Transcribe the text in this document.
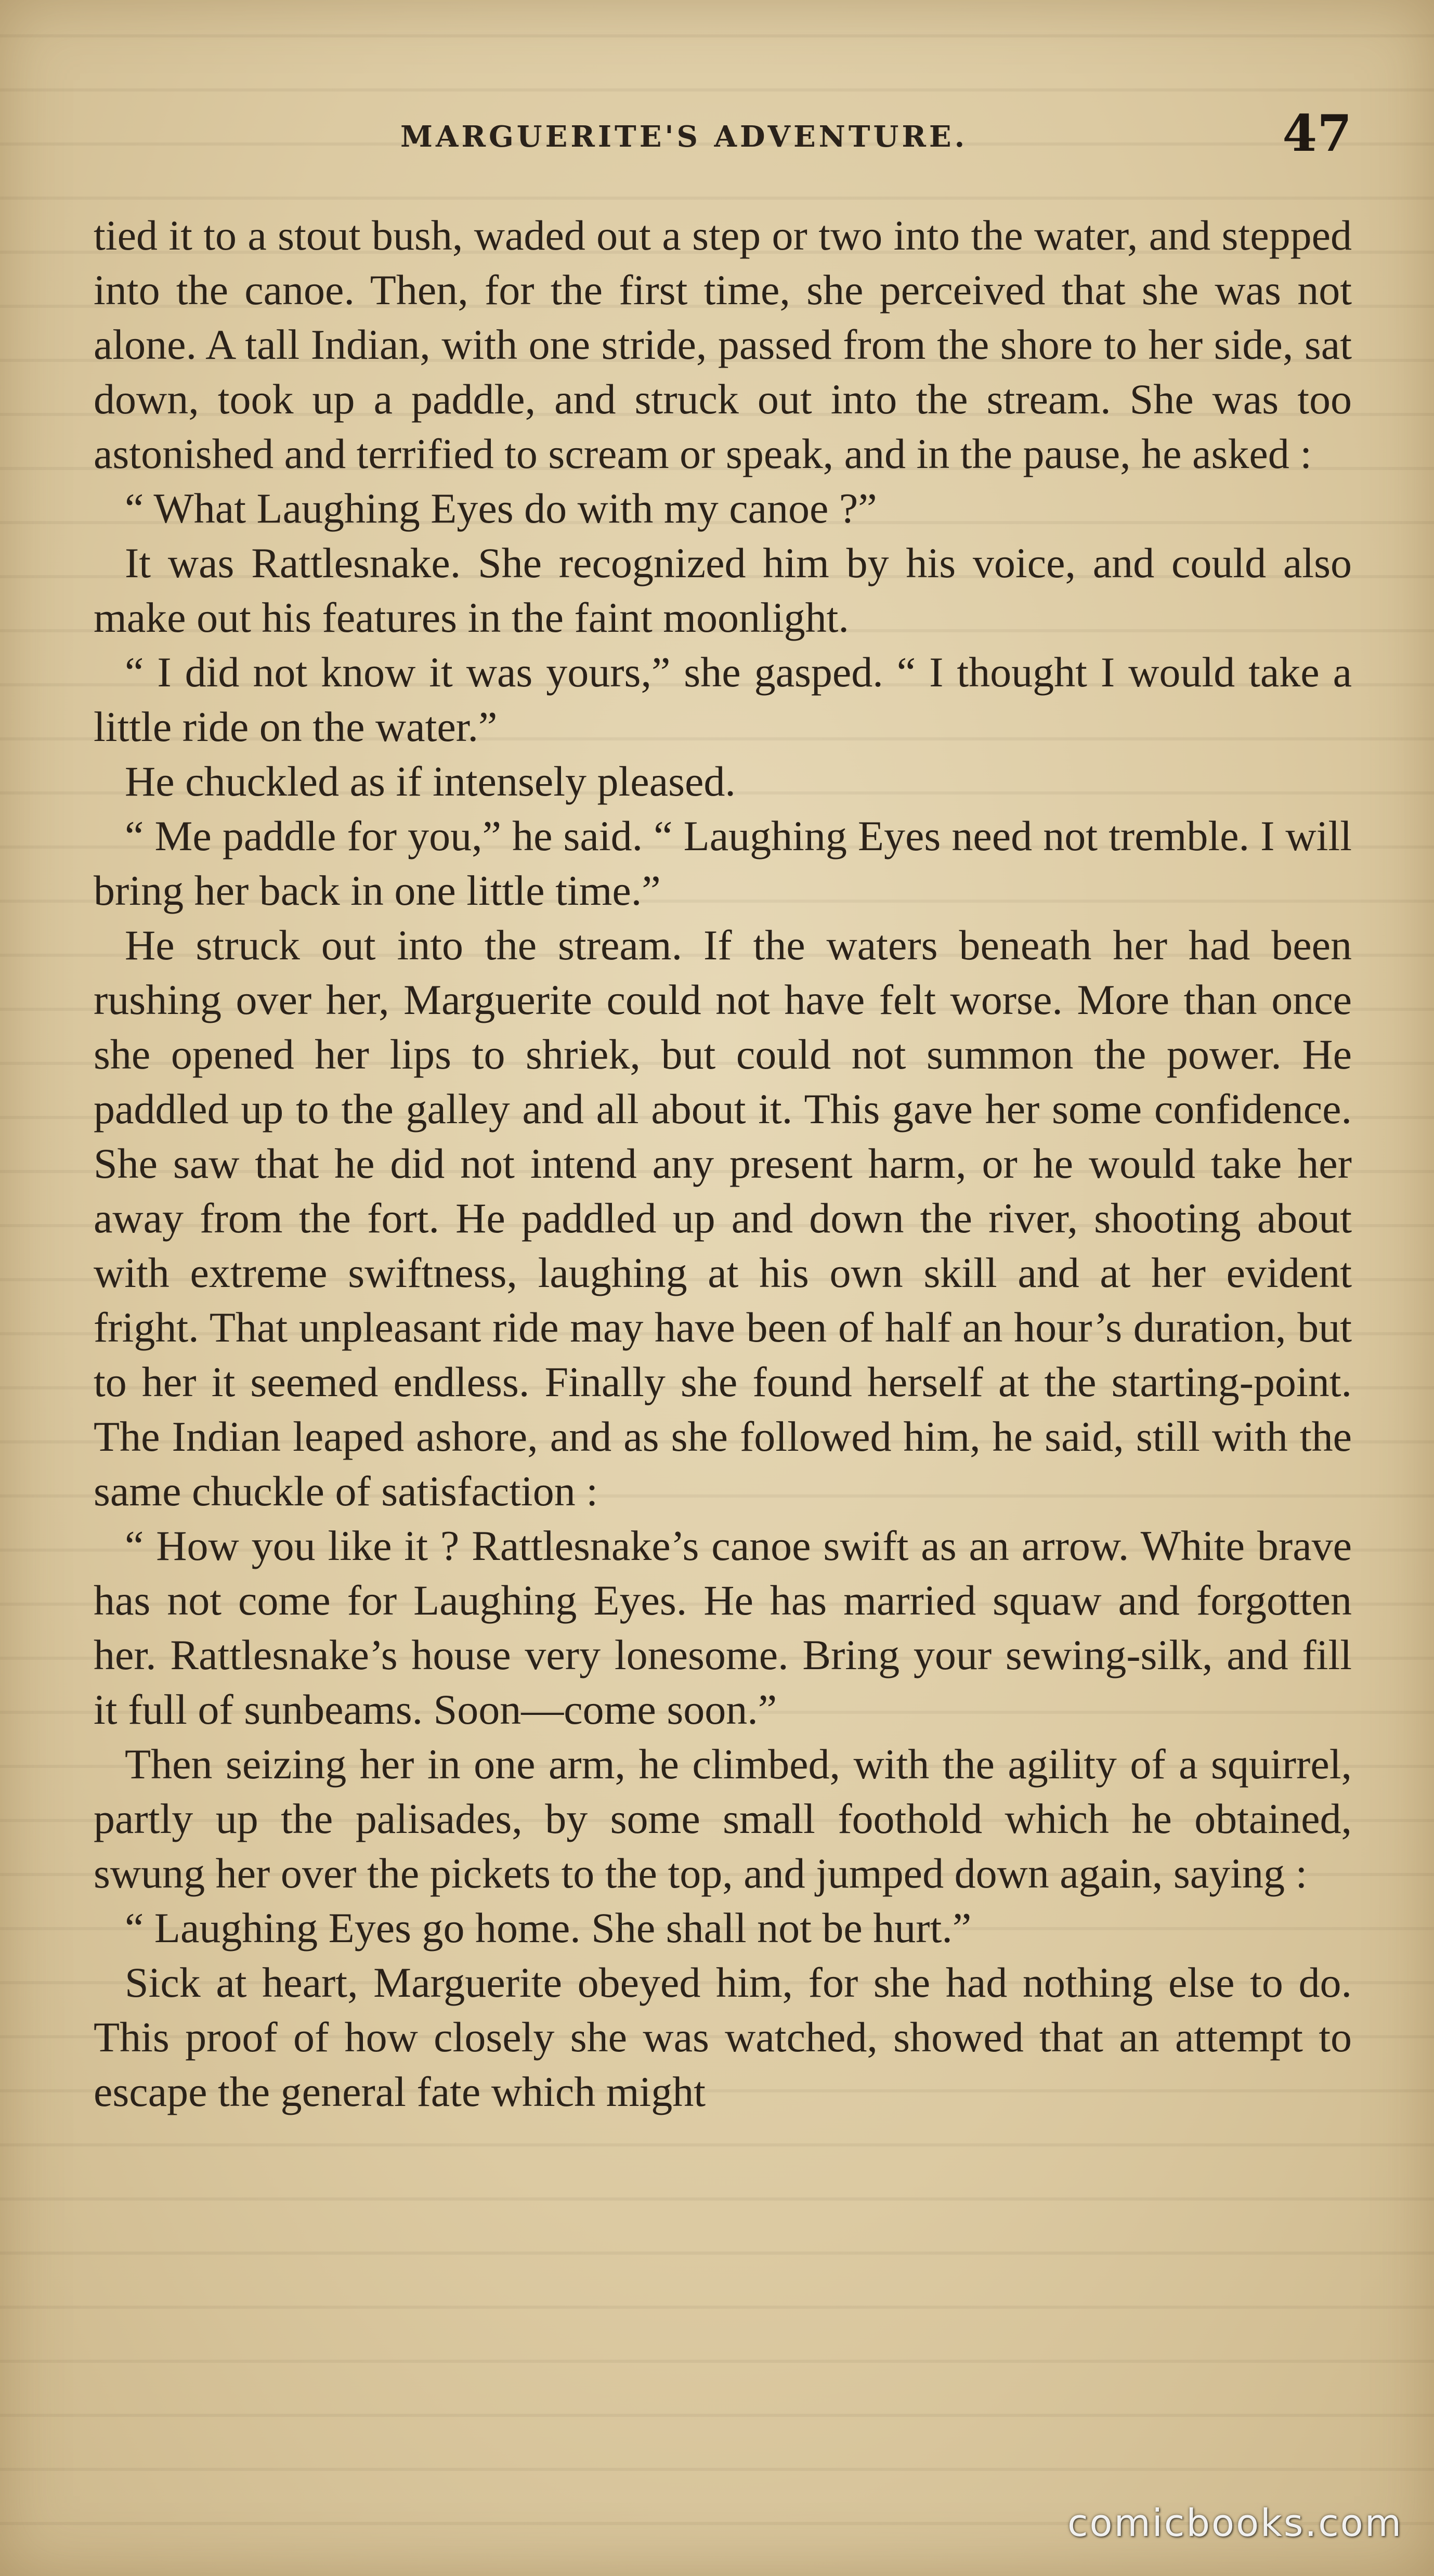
MARGUERITE'S ADVENTURE.	47

tied it to a stout bush, waded out a step or two into the water, and stepped into the canoe. Then, for the first time, she perceived that she was not alone. A tall Indian, with one stride, passed from the shore to her side, sat down, took up a paddle, and struck out into the stream. She was too astonished and terrified to scream or speak, and in the pause, he asked :

“ What Laughing Eyes do with my canoe ?”

It was Rattlesnake. She recognized him by his voice, and could also make out his features in the faint moonlight.

“ I did not know it was yours,” she gasped. “ I thought I would take a little ride on the water.”

He chuckled as if intensely pleased.

“ Me paddle for you,” he said. “ Laughing Eyes need not tremble. I will bring her back in one little time.”

He struck out into the stream. If the waters beneath her had been rushing over her, Marguerite could not have felt worse. More than once she opened her lips to shriek, but could not summon the power. He paddled up to the galley and all about it. This gave her some confidence. She saw that he did not intend any present harm, or he would take her away from the fort. He paddled up and down the river, shooting about with extreme swiftness, laughing at his own skill and at her evident fright. That unpleasant ride may have been of half an hour’s duration, but to her it seemed endless. Finally she found herself at the starting-point. The Indian leaped ashore, and as she followed him, he said, still with the same chuckle of satisfaction :

“ How you like it ? Rattlesnake’s canoe swift as an arrow. White brave has not come for Laughing Eyes. He has married squaw and forgotten her. Rattlesnake’s house very lonesome. Bring your sewing-silk, and fill it full of sunbeams. Soon—come soon.”

Then seizing her in one arm, he climbed, with the agility of a squirrel, partly up the palisades, by some small foothold which he obtained, swung her over the pickets to the top, and jumped down again, saying :

“ Laughing Eyes go home. She shall not be hurt.”

Sick at heart, Marguerite obeyed him, for she had nothing else to do. This proof of how closely she was watched, showed that an attempt to escape the general fate which might

comicbooks.com
